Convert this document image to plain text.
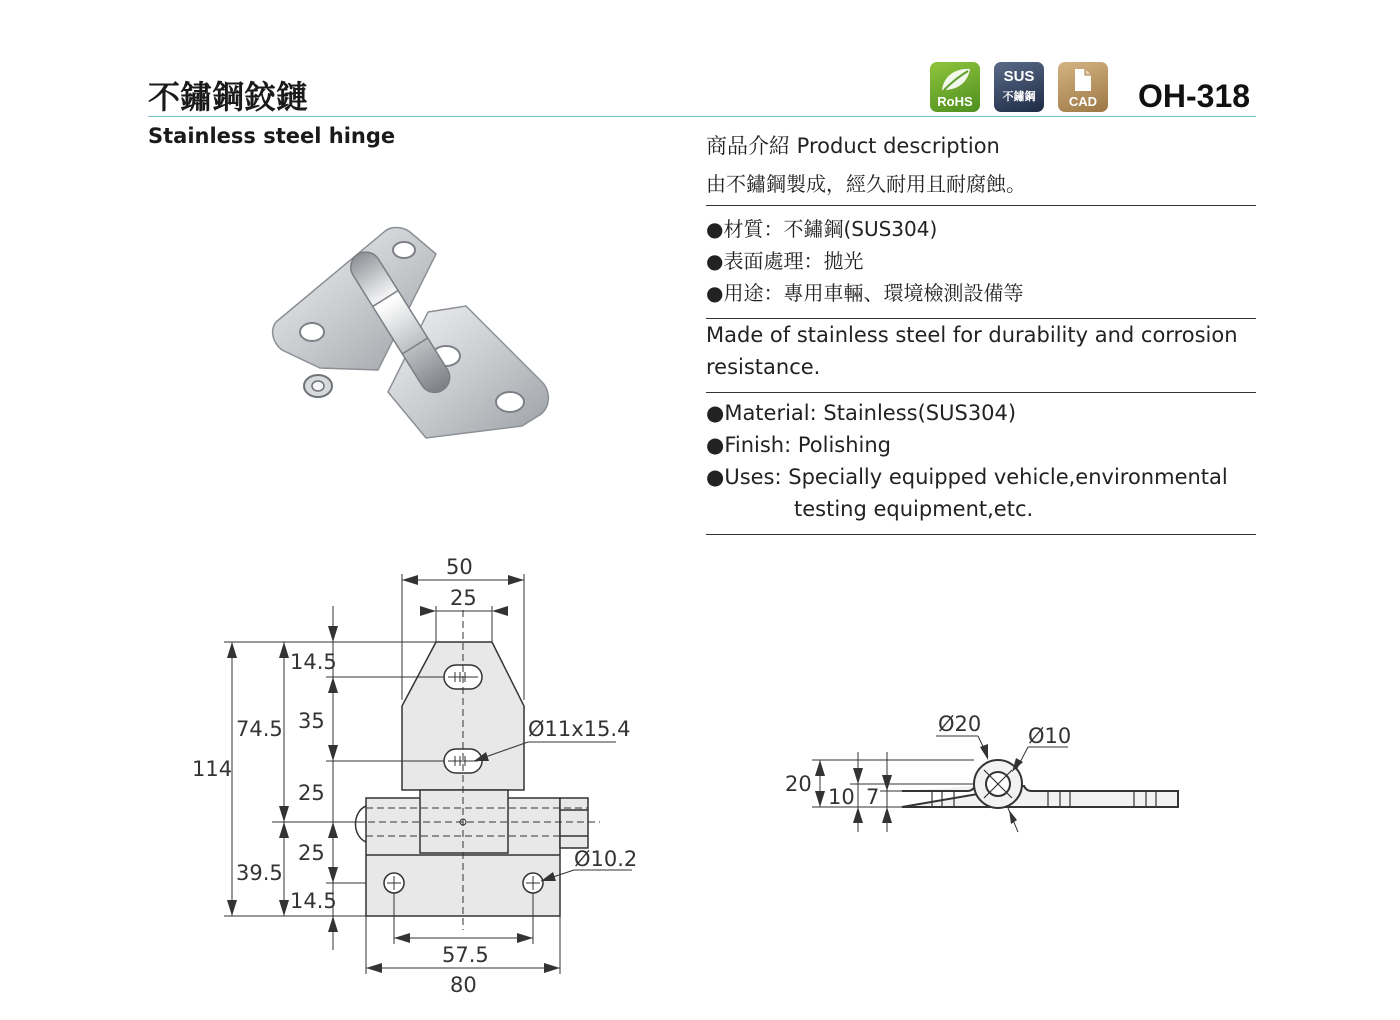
不鏽鋼鉸鏈
Stainless steel hinge
RoHS
SUS
不鏽鋼	CAD	OH-318
商品介紹 Product description
由不鏽鋼製成，經久耐用且耐腐蝕。
●材質：不鏽鋼(SUS304)
●表面處理：拋光
●用途：專用車輛、環境檢測設備等
Made of stainless steel for durability and corrosion
resistance.
●Material: Stainless(SUS304)
●Finish: Polishing
●Uses: Specially equipped vehicle,environmental
testing equipment,etc.
50
25
14.5
35
74.5
114
25
25
39.5
14.5
Ø11x15.4
Ø10.2
57.5
80
Ø20 Ø10
20
10 7
